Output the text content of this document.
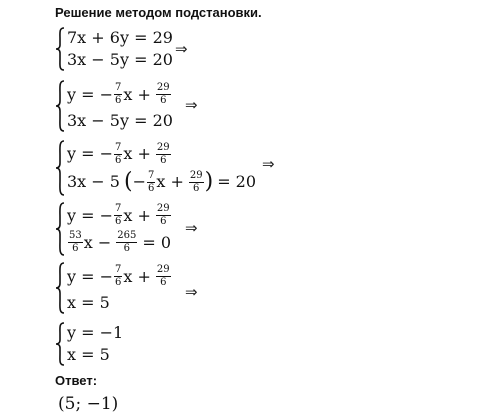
Решение методом подстановки.
7x + 6y = 29
3x − 5y = 20
⇒
y = − $\frac{7}{6}$ $x + \frac{29}{6}$
3x − 5y = 20
⇒
y = − $\frac{7}{6}$ $x + \frac{29}{6}$
3x − 5 ( − $\frac{7}{6}$ $x + \frac{29}{6}$ ) = 20
⇒
y = − $\frac{7}{6}$ $x + \frac{29}{6}$
$\frac{53}{6}$ $x - \frac{265}{6} = 0$
⇒
y = − $\frac{7}{6}$ $x + \frac{29}{6}$
x = 5
⇒
y = −1
x = 5
Ответ:
(5; −1)
